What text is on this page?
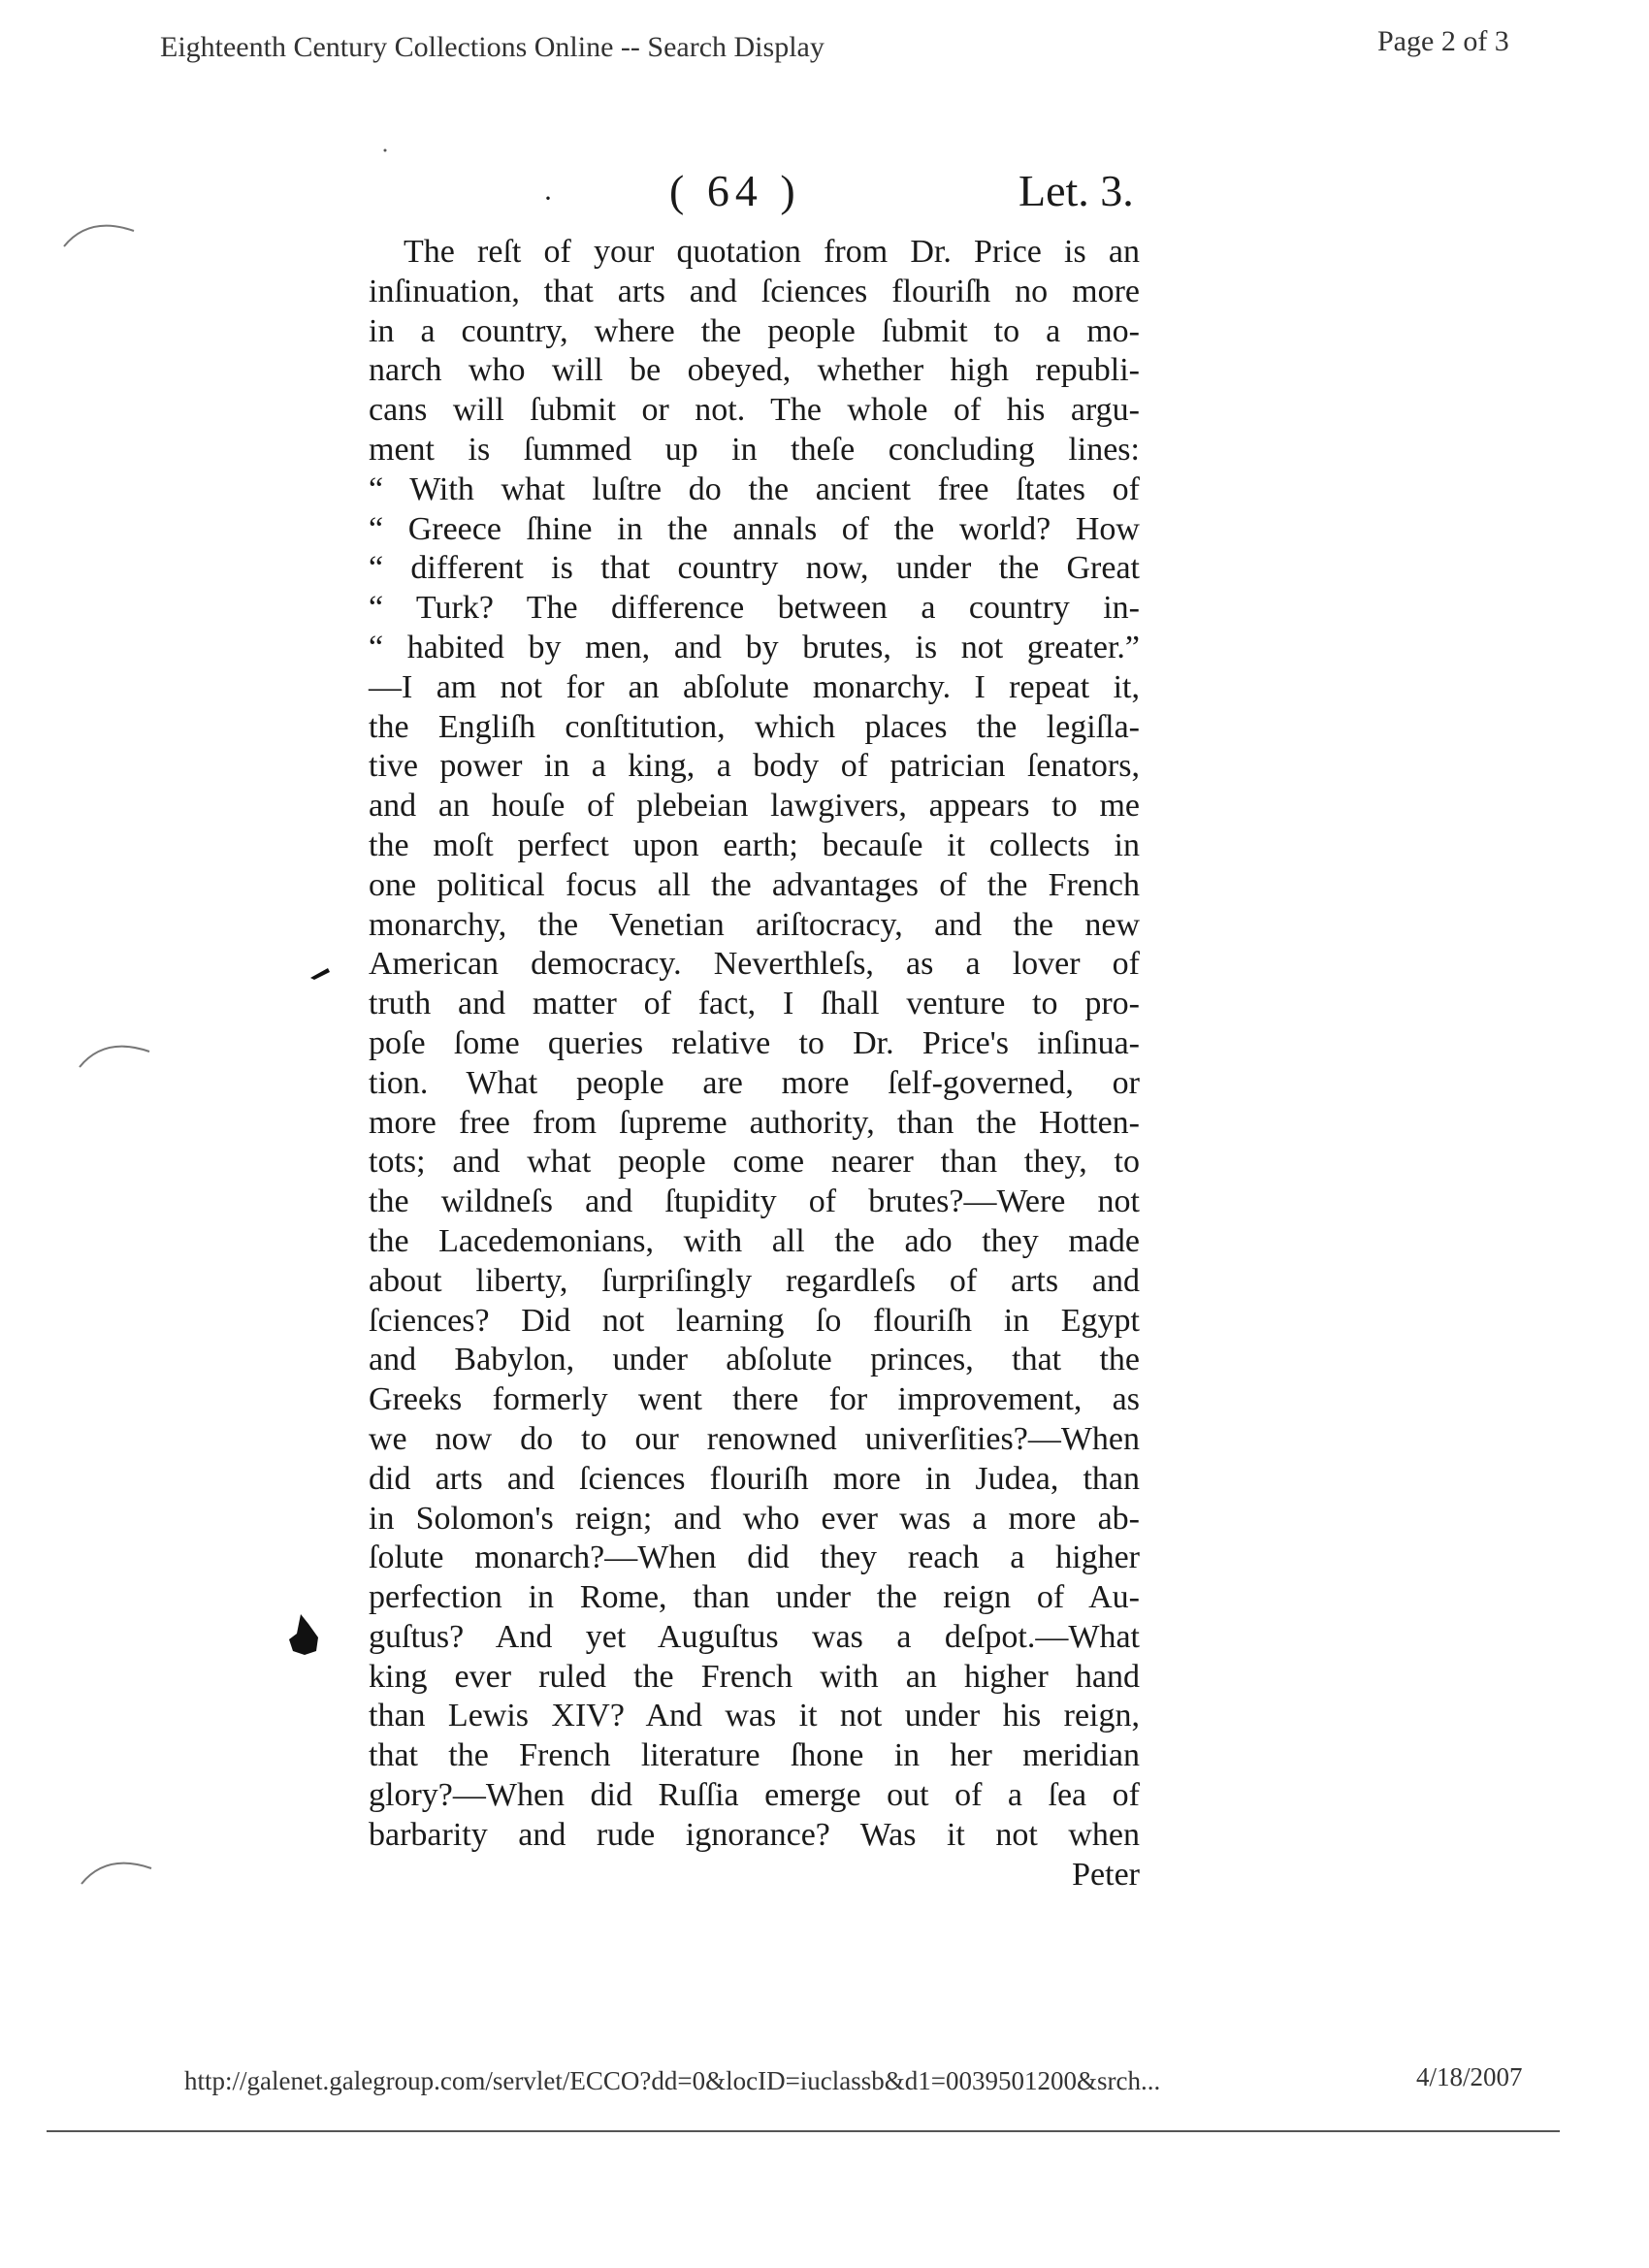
Eighteenth Century Collections Online -- Search Display	Page 2 of 3
·	( 64 )	Let. 3.
The reſt of your quotation from Dr. Price is an
inſinuation, that arts and ſciences flouriſh no more
in a country, where the people ſubmit to a mo-
narch who will be obeyed, whether high republi-
cans will ſubmit or not. The whole of his argu-
ment is ſummed up in theſe concluding lines:
“ With what luſtre do the ancient free ſtates of
“ Greece ſhine in the annals of the world? How
“ different is that country now, under the Great
“ Turk? The difference between a country in-
“ habited by men, and by brutes, is not greater.”
—I am not for an abſolute monarchy. I repeat it,
the Engliſh conſtitution, which places the legiſla-
tive power in a king, a body of patrician ſenators,
and an houſe of plebeian lawgivers, appears to me
the moſt perfect upon earth; becauſe it collects in
one political focus all the advantages of the French
monarchy, the Venetian ariſtocracy, and the new
American democracy. Neverthleſs, as a lover of
truth and matter of fact, I ſhall venture to pro-
poſe ſome queries relative to Dr. Price's inſinua-
tion. What people are more ſelf-governed, or
more free from ſupreme authority, than the Hotten-
tots; and what people come nearer than they, to
the wildneſs and ſtupidity of brutes?—Were not
the Lacedemonians, with all the ado they made
about liberty, ſurpriſingly regardleſs of arts and
ſciences? Did not learning ſo flouriſh in Egypt
and Babylon, under abſolute princes, that the
Greeks formerly went there for improvement, as
we now do to our renowned univerſities?—When
did arts and ſciences flouriſh more in Judea, than
in Solomon's reign; and who ever was a more ab-
ſolute monarch?—When did they reach a higher
perfection in Rome, than under the reign of Au-
guſtus? And yet Auguſtus was a deſpot.—What
king ever ruled the French with an higher hand
than Lewis XIV? And was it not under his reign,
that the French literature ſhone in her meridian
glory?—When did Ruſſia emerge out of a ſea of
barbarity and rude ignorance? Was it not when
Peter
http://galenet.galegroup.com/servlet/ECCO?dd=0&locID=iuclassb&d1=0039501200&srch...	4/18/2007
